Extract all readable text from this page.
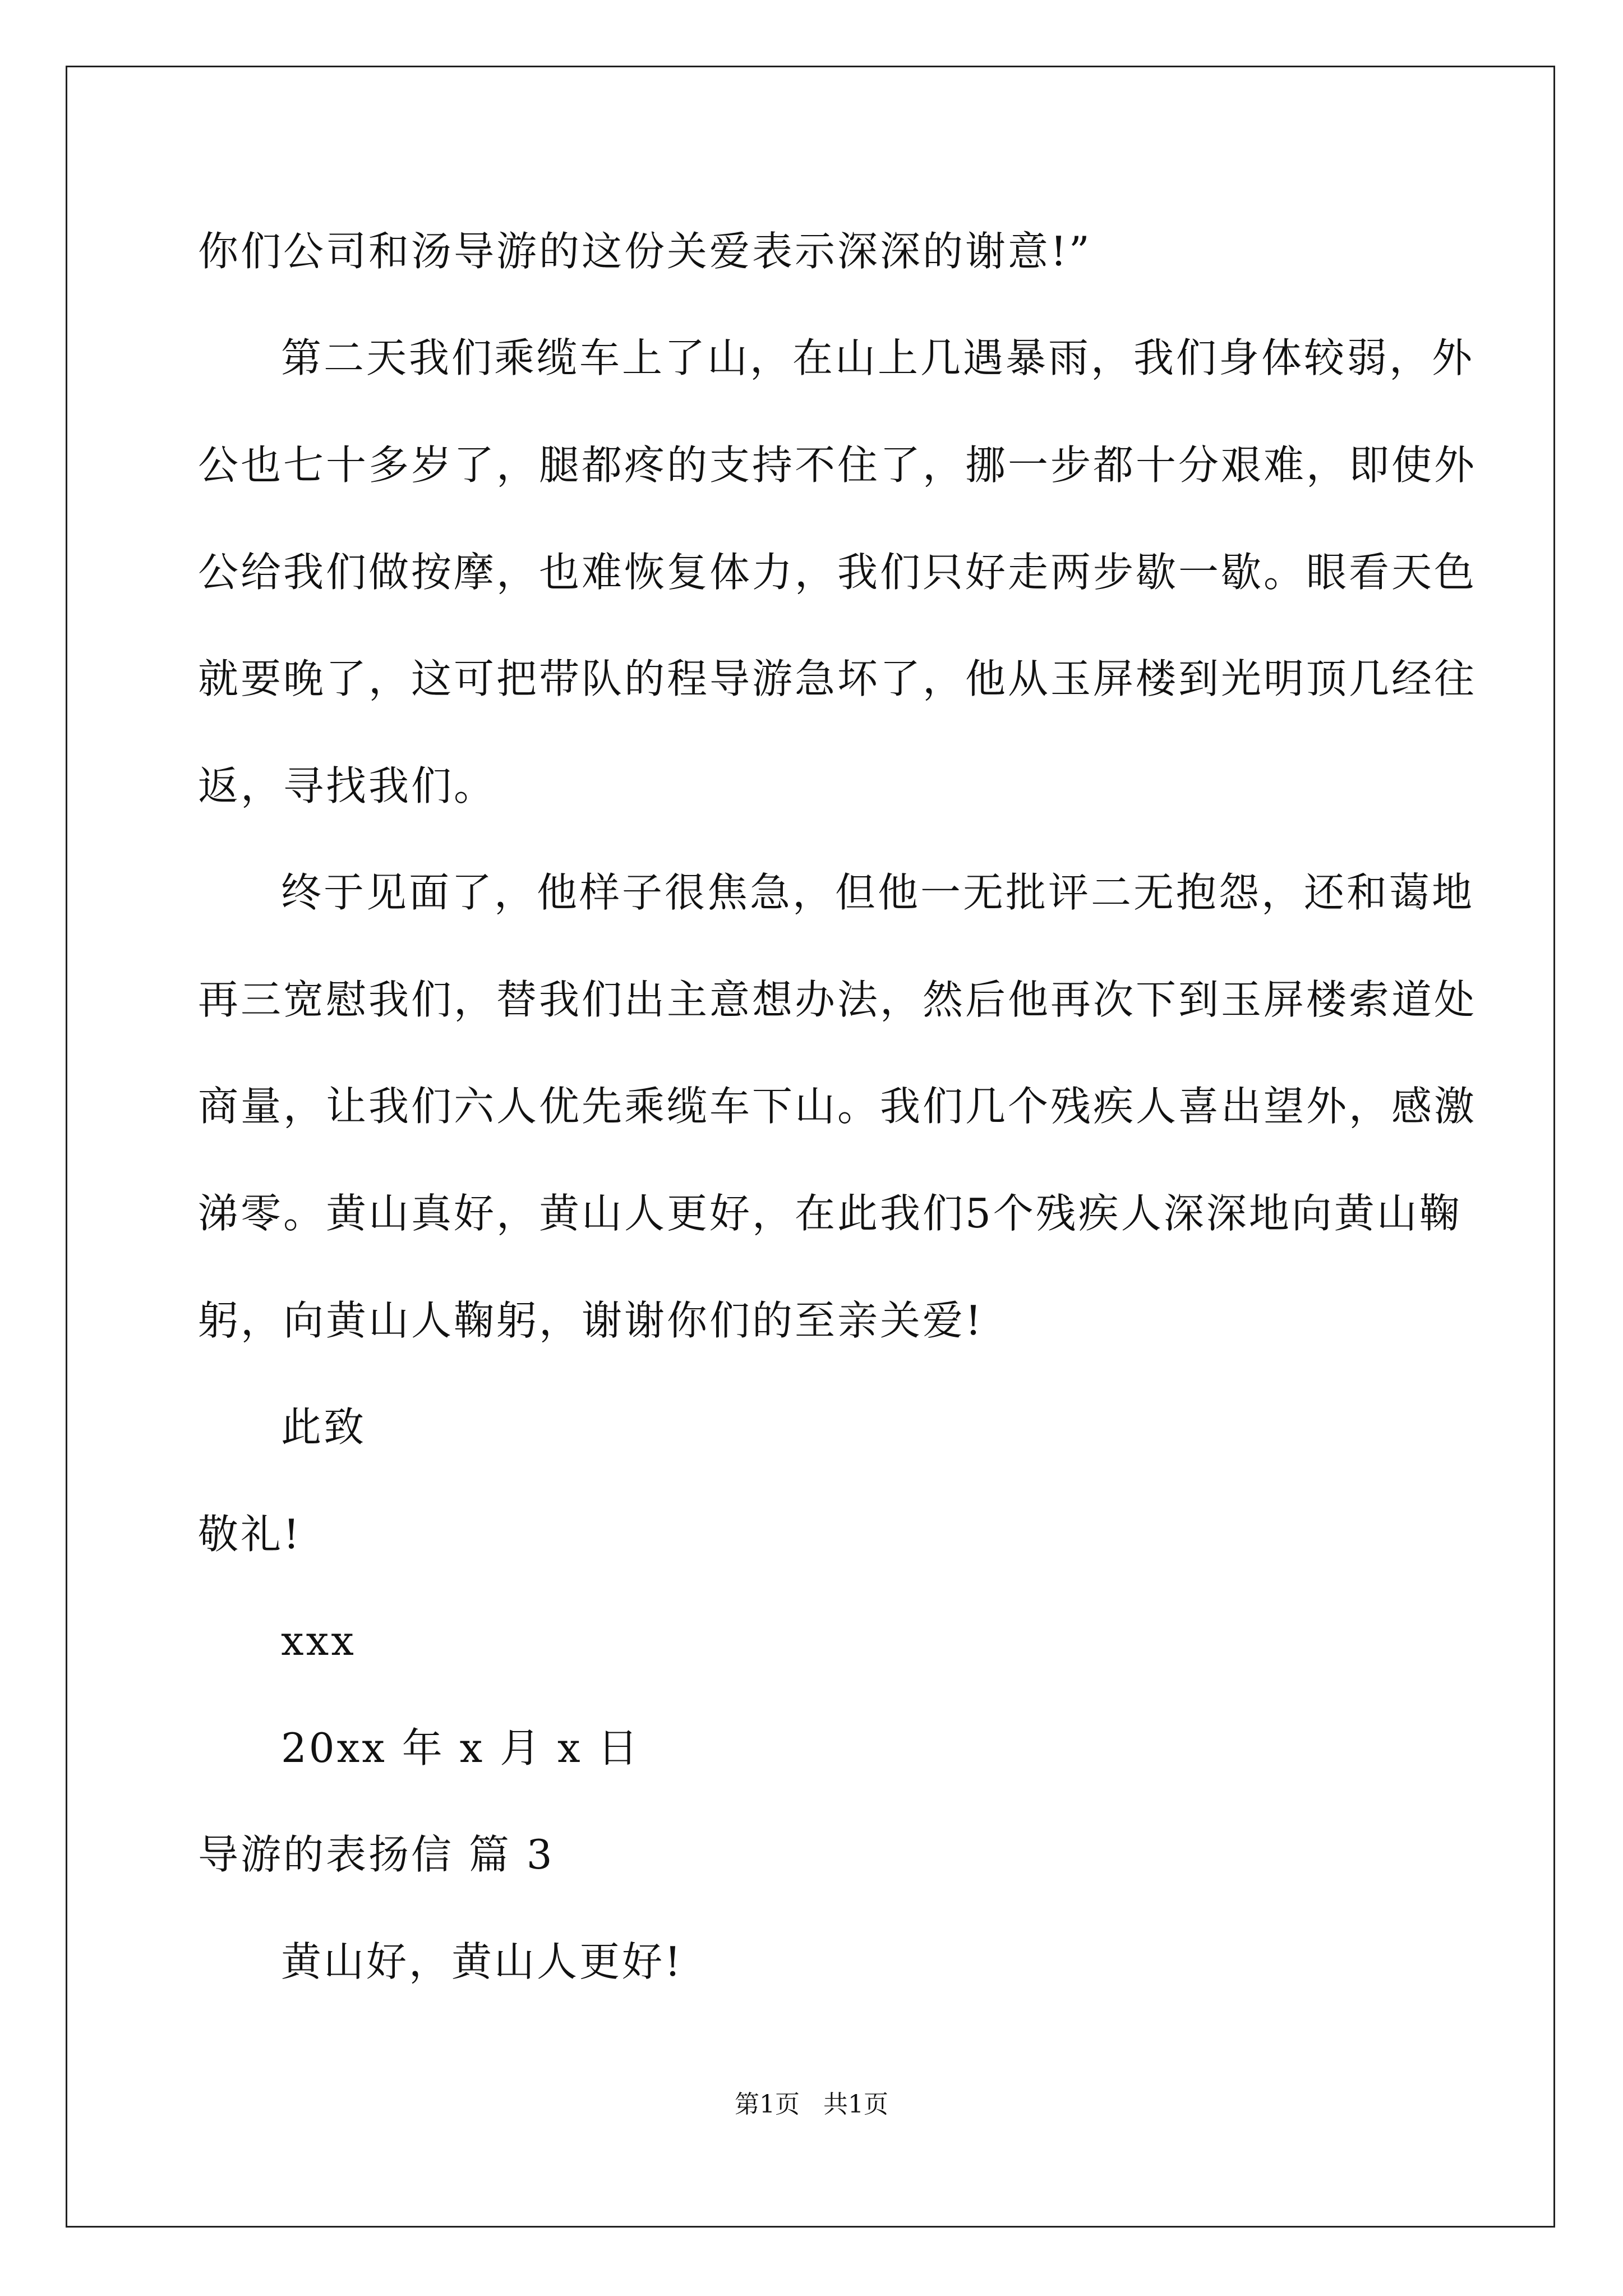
你们公司和汤导游的这份关爱表示深深的谢意!”
第二天我们乘缆车上了山，在山上几遇暴雨，我们身体较弱，外
公也七十多岁了，腿都疼的支持不住了，挪一步都十分艰难，即使外
公给我们做按摩，也难恢复体力，我们只好走两步歇一歇。眼看天色
就要晚了，这可把带队的程导游急坏了，他从玉屏楼到光明顶几经往
返，寻找我们。
终于见面了，他样子很焦急，但他一无批评二无抱怨，还和蔼地
再三宽慰我们，替我们出主意想办法，然后他再次下到玉屏楼索道处
商量，让我们六人优先乘缆车下山。我们几个残疾人喜出望外，感激
涕零。黄山真好，黄山人更好，在此我们5个残疾人深深地向黄山鞠
躬，向黄山人鞠躬，谢谢你们的至亲关爱!
此致
敬礼!
xxx
20xx 年 x 月 x 日
导游的表扬信 篇 3
黄山好，黄山人更好!
第1页   共1页
